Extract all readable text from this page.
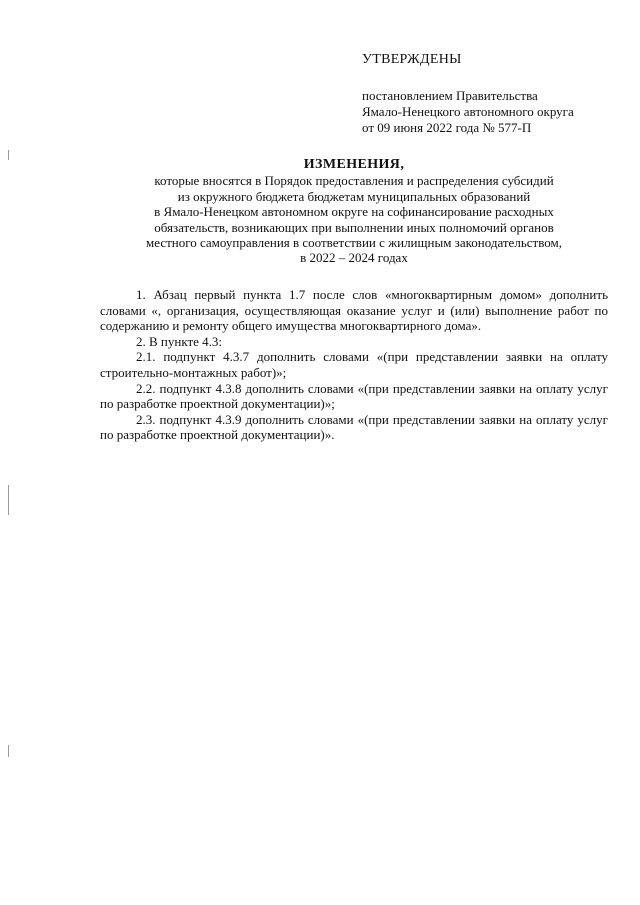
УТВЕРЖДЕНЫ
постановлением Правительства
Ямало-Ненецкого автономного округа
от 09 июня 2022 года № 577-П
ИЗМЕНЕНИЯ,
которые вносятся в Порядок предоставления и распределения субсидий
из окружного бюджета бюджетам муниципальных образований
в Ямало-Ненецком автономном округе на софинансирование расходных
обязательств, возникающих при выполнении иных полномочий органов
местного самоуправления в соответствии с жилищным законодательством,
в 2022 – 2024 годах

1. Абзац первый пункта 1.7 после слов «многоквартирным домом» дополнить словами «, организация, осуществляющая оказание услуг и (или) выполнение работ по содержанию и ремонту общего имущества многоквартирного дома».

2. В пункте 4.3:

2.1. подпункт 4.3.7 дополнить словами «(при представлении заявки на оплату строительно-монтажных работ)»;

2.2. подпункт 4.3.8 дополнить словами «(при представлении заявки на оплату услуг по разработке проектной документации)»;

2.3. подпункт 4.3.9 дополнить словами «(при представлении заявки на оплату услуг по разработке проектной документации)».
